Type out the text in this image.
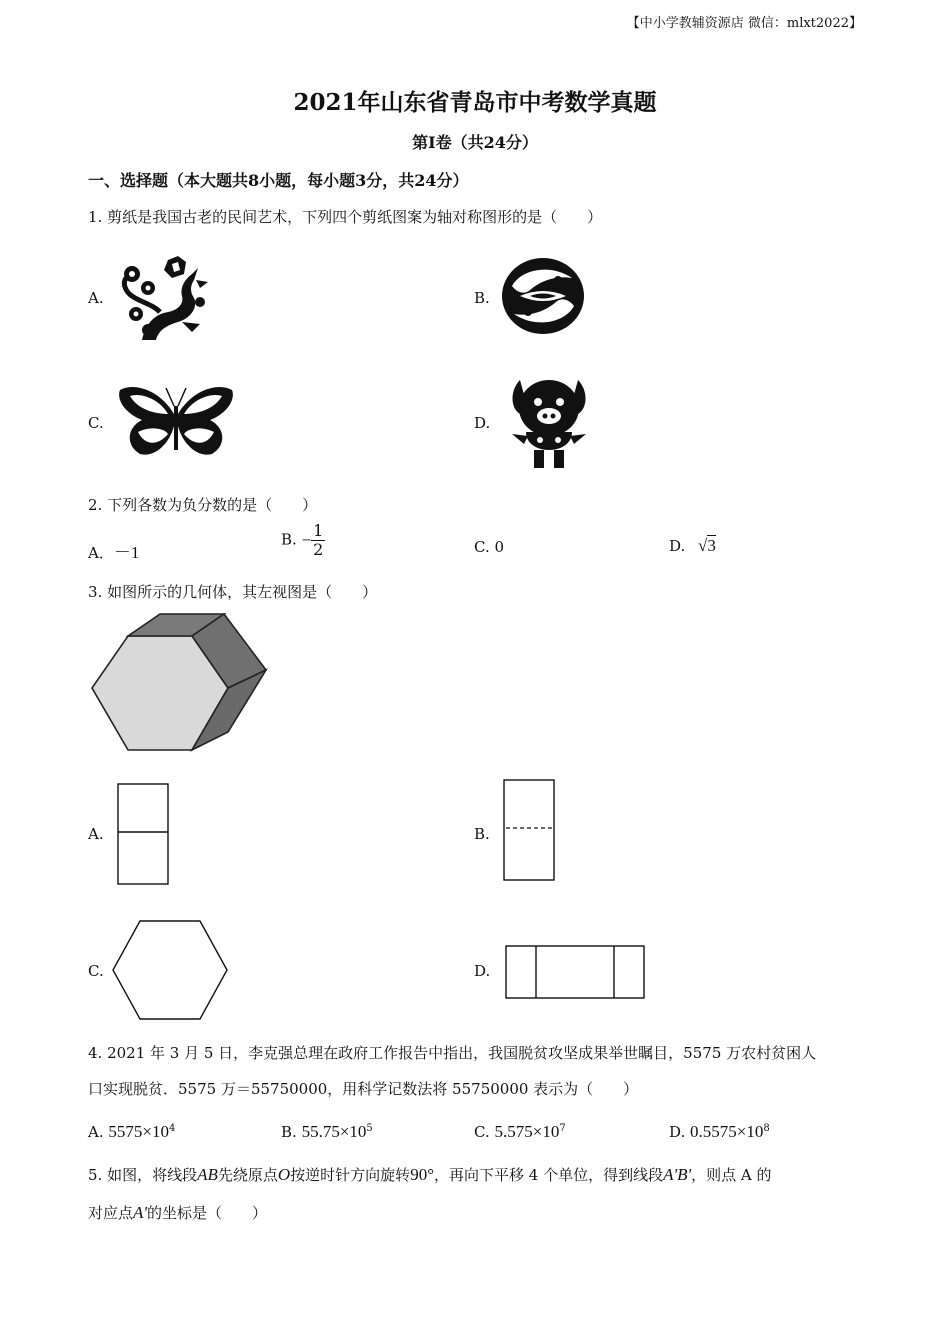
【中小学教辅资源店 微信：mlxt2022】
2021年山东省青岛市中考数学真题
第Ⅰ卷（共24分）
一、选择题（本大题共8小题，每小题3分，共24分）
1. 剪纸是我国古老的民间艺术，下列四个剪纸图案为轴对称图形的是（　　）
A.	B.
C.	D.
2. 下列各数为负分数的是（　　）
A．－1
B. − $\frac{1}{2}$	C. 0	D. √3
3. 如图所示的几何体，其左视图是（　　）
A.	B.
C.	D.
4. 2021 年 3 月 5 日，李克强总理在政府工作报告中指出，我国脱贫攻坚成果举世瞩目，5575 万农村贫困人
口实现脱贫．5575 万＝55750000，用科学记数法将 55750000 表示为（　　）
A. $5575\times 10^4$	B. $55.75\times 10^5$	C. $5.575\times 10^7$	D. $0.5575\times 10^8$
5. 如图，将线段AB先绕原点O按逆时针方向旋转90°，再向下平移 4 个单位，得到线段A'B'，则点 A 的
对应点A'的坐标是（　　）
